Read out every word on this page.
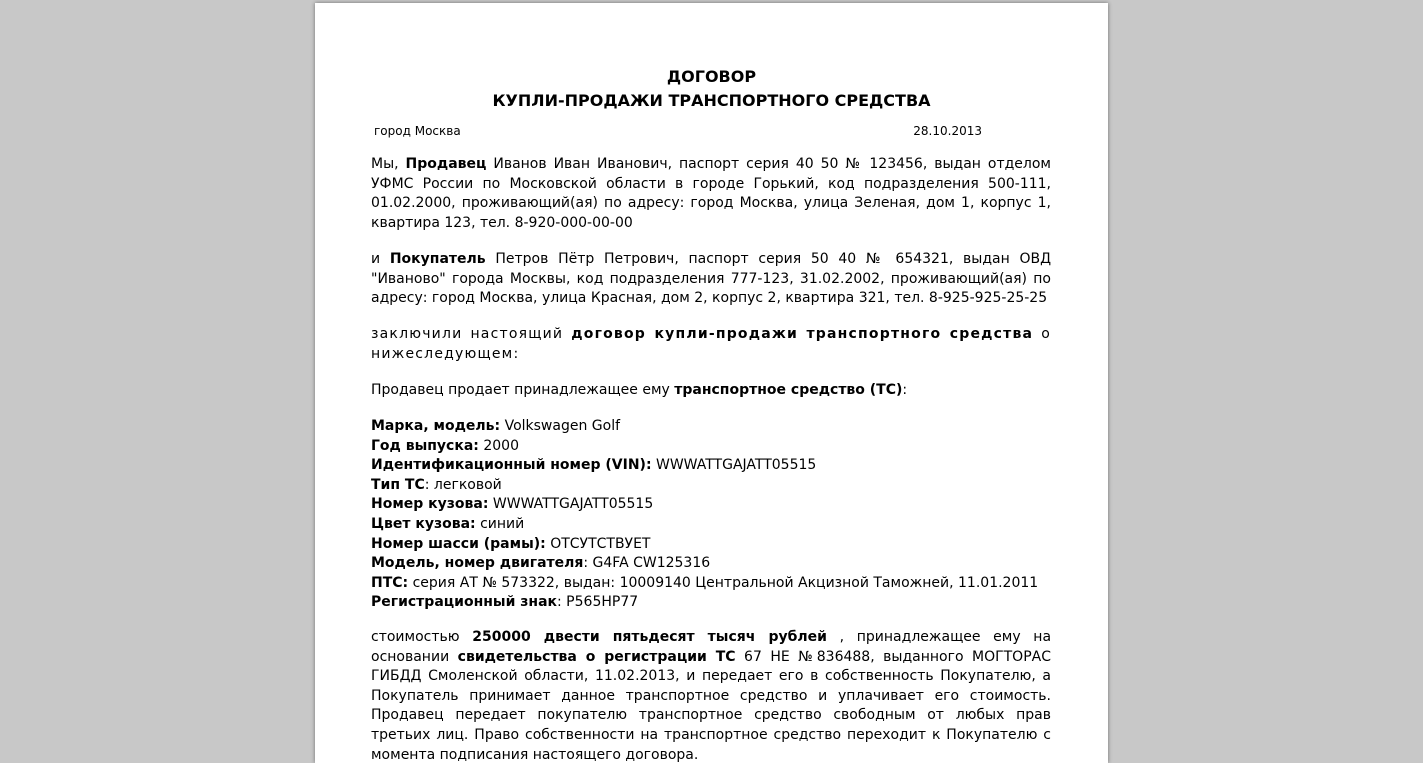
ДОГОВОР
КУПЛИ-ПРОДАЖИ ТРАНСПОРТНОГО СРЕДСТВА
город Москва	28.10.2013

Мы, Продавец Иванов Иван Иванович, паспорт серия 40 50 № 123456, выдан отделом УФМС России по Московской области в городе Горький, код подразделения 500-111, 01.02.2000, проживающий(ая) по адресу: город Москва, улица Зеленая, дом 1, корпус 1, квартира 123, тел. 8-920-000-00-00

и Покупатель Петров Пётр Петрович, паспорт серия 50 40 № 654321, выдан ОВД "Иваново" города Москвы, код подразделения 777-123, 31.02.2002, проживающий(ая) по адресу: город Москва, улица Красная, дом 2, корпус 2, квартира 321, тел. 8-925-925-25-25

заключили настоящий договор купли-продажи транспортного средства о нижеследующем:

Продавец продает принадлежащее ему транспортное средство (ТС):

Марка, модель: Volkswagen Golf
Год выпуска: 2000
Идентификационный номер (VIN): WWWATTGAJATT05515
Тип ТС: легковой
Номер кузова: WWWATTGAJATT05515
Цвет кузова: синий
Номер шасси (рамы): ОТСУТСТВУЕТ
Модель, номер двигателя: G4FA CW125316
ПТС: серия АТ № 573322, выдан: 10009140 Центральной Акцизной Таможней, 11.01.2011
Регистрационный знак: Р565НР77

стоимостью 250000 двести пятьдесят тысяч рублей , принадлежащее ему на основании свидетельства о регистрации ТС 67 НЕ №836488, выданного МОГТОРАС ГИБДД Смоленской области, 11.02.2013, и передает его в собственность Покупателю, а Покупатель принимает данное транспортное средство и уплачивает его стоимость. Продавец передает покупателю транспортное средство свободным от любых прав третьих лиц. Право собственности на транспортное средство переходит к Покупателю с момента подписания настоящего договора.
